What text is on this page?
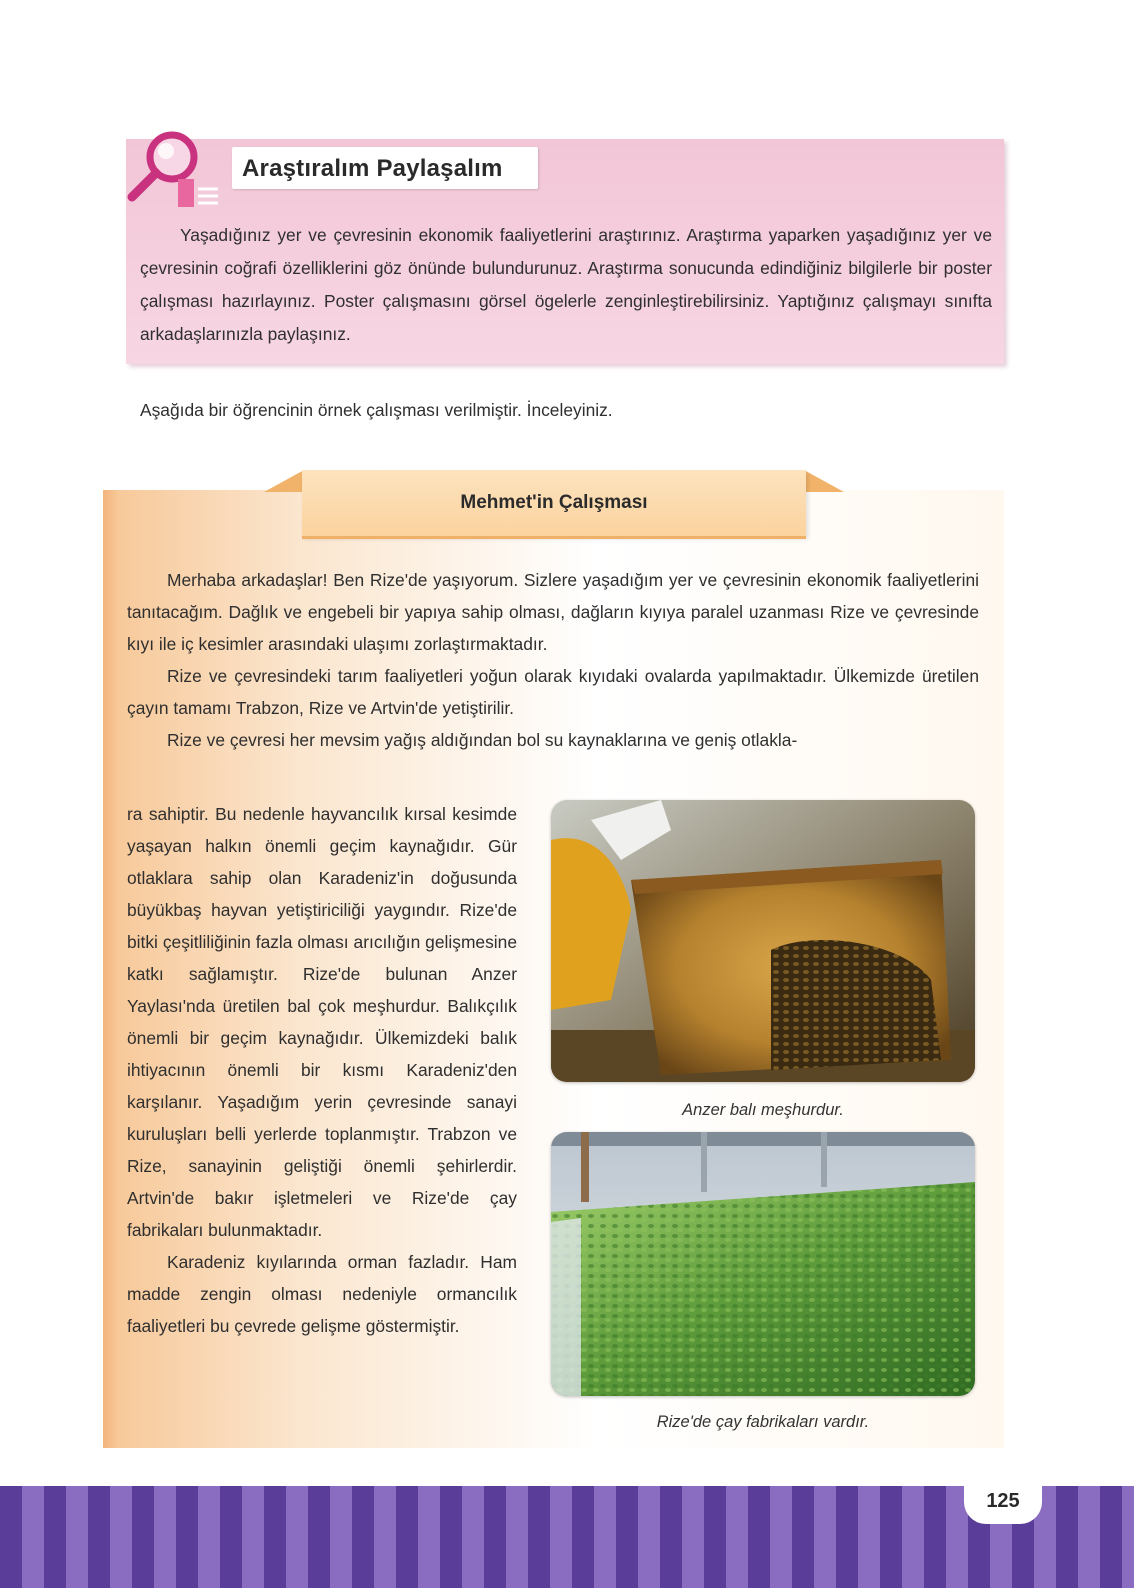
Araştıralım Paylaşalım
Yaşadığınız yer ve çevresinin ekonomik faaliyetlerini araştırınız. Araştırma yaparken yaşadığınız yer ve çevresinin coğrafi özelliklerini göz önünde bulundurunuz. Araştırma sonucunda edindiğiniz bilgilerle bir poster çalışması hazırlayınız. Poster çalışmasını görsel ögelerle zenginleştirebilirsiniz. Yaptığınız çalışmayı sınıfta arkadaşlarınızla paylaşınız.
Aşağıda bir öğrencinin örnek çalışması verilmiştir. İnceleyiniz.
Mehmet'in Çalışması

Merhaba arkadaşlar! Ben Rize'de yaşıyorum. Sizlere yaşadığım yer ve çevresinin ekonomik faaliyetlerini tanıtacağım. Dağlık ve engebeli bir yapıya sahip olması, dağların kıyıya paralel uzanması Rize ve çevresinde kıyı ile iç kesimler arasındaki ulaşımı zorlaştırmaktadır.

Rize ve çevresindeki tarım faaliyetleri yoğun olarak kıyıdaki ovalarda yapılmaktadır. Ülkemizde üretilen çayın tamamı Trabzon, Rize ve Artvin'de yetiştirilir.

Rize ve çevresi her mevsim yağış aldığından bol su kaynaklarına ve geniş otlakla-

ra sahiptir. Bu nedenle hayvancılık kırsal kesimde yaşayan halkın önemli geçim kaynağıdır. Gür otlaklara sahip olan Karadeniz'in doğusunda büyükbaş hayvan yetiştiriciliği yaygındır. Rize'de bitki çeşitliliğinin fazla olması arıcılığın gelişmesine katkı sağlamıştır. Rize'de bulunan Anzer Yaylası'nda üretilen bal çok meşhurdur. Balıkçılık önemli bir geçim kaynağıdır. Ülkemizdeki balık ihtiyacının önemli bir kısmı Karadeniz'den karşılanır. Yaşadığım yerin çevresinde sanayi kuruluşları belli yerlerde toplanmıştır. Trabzon ve Rize, sanayinin geliştiği önemli şehirlerdir. Artvin'de bakır işletmeleri ve Rize'de çay fabrikaları bulunmaktadır.

Karadeniz kıyılarında orman fazladır. Ham madde zengin olması nedeniyle ormancılık faaliyetleri bu çevrede gelişme göstermiştir.

Anzer balı meşhurdur.
Rize'de çay fabrikaları vardır.
125
